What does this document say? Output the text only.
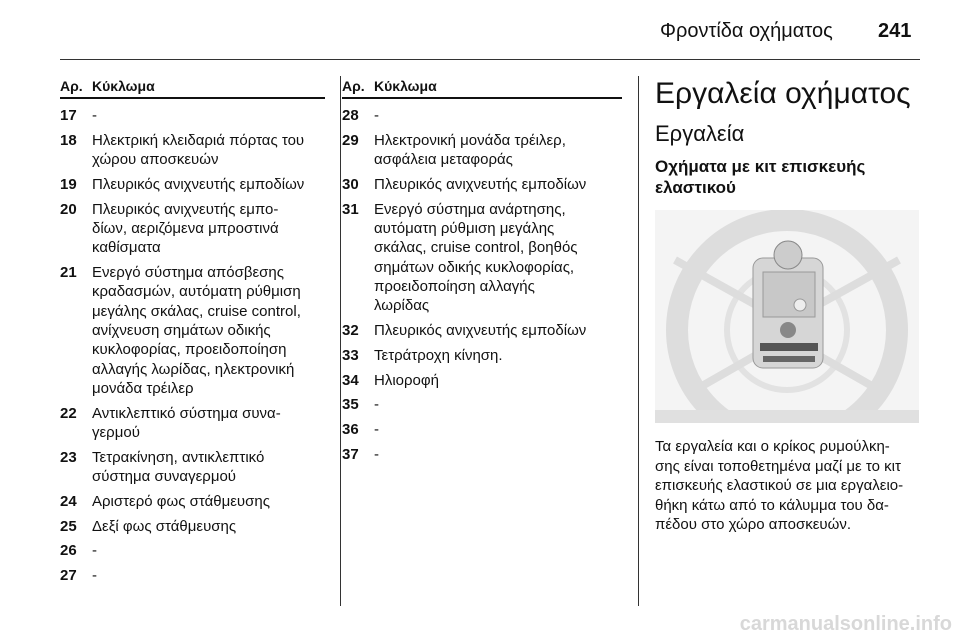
Φροντίδα οχήματος 241
Αρ. Κύκλωμα
17	-
18	Ηλεκτρική κλειδαριά πόρτας του
χώρου αποσκευών
19	Πλευρικός ανιχνευτής εμποδίων
20	Πλευρικός ανιχνευτής εμπο-
δίων, αεριζόμενα μπροστινά
καθίσματα
21	Ενεργό σύστημα απόσβεσης
κραδασμών, αυτόματη ρύθμιση
μεγάλης σκάλας, cruise control,
ανίχνευση σημάτων οδικής
κυκλοφορίας, προειδοποίηση
αλλαγής λωρίδας, ηλεκτρονική
μονάδα τρέιλερ
22	Αντικλεπτικό σύστημα συνα-
γερμού
23	Τετρακίνηση, αντικλεπτικό
σύστημα συναγερμού
24	Αριστερό φως στάθμευσης
25	Δεξί φως στάθμευσης
26	-
27	-
Αρ. Κύκλωμα
28	-
29	Ηλεκτρονική μονάδα τρέιλερ,
ασφάλεια μεταφοράς
30	Πλευρικός ανιχνευτής εμποδίων
31	Ενεργό σύστημα ανάρτησης,
αυτόματη ρύθμιση μεγάλης
σκάλας, cruise control, βοηθός
σημάτων οδικής κυκλοφορίας,
προειδοποίηση αλλαγής
λωρίδας
32	Πλευρικός ανιχνευτής εμποδίων
33	Τετράτροχη κίνηση.
34	Ηλιοροφή
35	-
36	-
37	-
Εργαλεία οχήματος
Εργαλεία
Οχήματα με κιτ επισκευής
ελαστικού
Τα εργαλεία και ο κρίκος ρυμούλκη-
σης είναι τοποθετημένα μαζί με το κιτ
επισκευής ελαστικού σε μια εργαλειο-
θήκη κάτω από το κάλυμμα του δα-
πέδου στο χώρο αποσκευών.
carmanualsonline.info
